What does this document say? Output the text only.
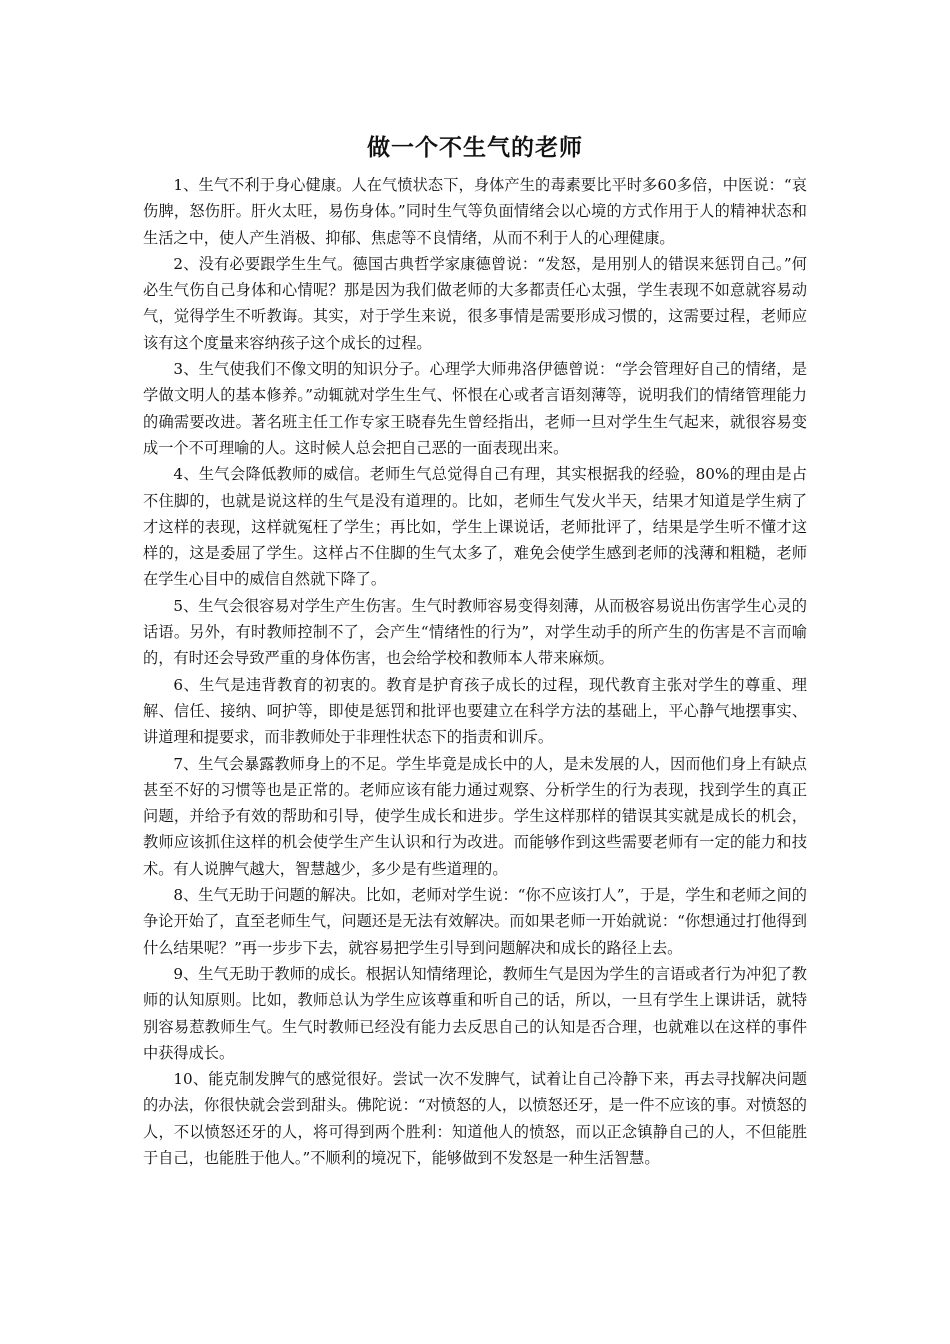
做一个不生气的老师

1、生气不利于身心健康。人在气愤状态下，身体产生的毒素要比平时多60多倍，中医说：“哀伤脾，怒伤肝。肝火太旺，易伤身体。”同时生气等负面情绪会以心境的方式作用于人的精神状态和生活之中，使人产生消极、抑郁、焦虑等不良情绪，从而不利于人的心理健康。

2、没有必要跟学生生气。德国古典哲学家康德曾说：“发怒，是用别人的错误来惩罚自己。”何必生气伤自己身体和心情呢？那是因为我们做老师的大多都责任心太强，学生表现不如意就容易动气，觉得学生不听教诲。其实，对于学生来说，很多事情是需要形成习惯的，这需要过程，老师应该有这个度量来容纳孩子这个成长的过程。

3、生气使我们不像文明的知识分子。心理学大师弗洛伊德曾说：“学会管理好自己的情绪，是学做文明人的基本修养。”动辄就对学生生气、怀恨在心或者言语刻薄等，说明我们的情绪管理能力的确需要改进。著名班主任工作专家王晓春先生曾经指出，老师一旦对学生生气起来，就很容易变成一个不可理喻的人。这时候人总会把自己恶的一面表现出来。

4、生气会降低教师的威信。老师生气总觉得自己有理，其实根据我的经验，80%的理由是占不住脚的，也就是说这样的生气是没有道理的。比如，老师生气发火半天，结果才知道是学生病了才这样的表现，这样就冤枉了学生；再比如，学生上课说话，老师批评了，结果是学生听不懂才这样的，这是委屈了学生。这样占不住脚的生气太多了，难免会使学生感到老师的浅薄和粗糙，老师在学生心目中的威信自然就下降了。

5、生气会很容易对学生产生伤害。生气时教师容易变得刻薄，从而极容易说出伤害学生心灵的话语。另外，有时教师控制不了，会产生“情绪性的行为”，对学生动手的所产生的伤害是不言而喻的，有时还会导致严重的身体伤害，也会给学校和教师本人带来麻烦。

6、生气是违背教育的初衷的。教育是护育孩子成长的过程，现代教育主张对学生的尊重、理解、信任、接纳、呵护等，即使是惩罚和批评也要建立在科学方法的基础上，平心静气地摆事实、讲道理和提要求，而非教师处于非理性状态下的指责和训斥。

7、生气会暴露教师身上的不足。学生毕竟是成长中的人，是未发展的人，因而他们身上有缺点甚至不好的习惯等也是正常的。老师应该有能力通过观察、分析学生的行为表现，找到学生的真正问题，并给予有效的帮助和引导，使学生成长和进步。学生这样那样的错误其实就是成长的机会，教师应该抓住这样的机会使学生产生认识和行为改进。而能够作到这些需要老师有一定的能力和技术。有人说脾气越大，智慧越少，多少是有些道理的。

8、生气无助于问题的解决。比如，老师对学生说：“你不应该打人”，于是，学生和老师之间的争论开始了，直至老师生气，问题还是无法有效解决。而如果老师一开始就说：“你想通过打他得到什么结果呢？”再一步步下去，就容易把学生引导到问题解决和成长的路径上去。

9、生气无助于教师的成长。根据认知情绪理论，教师生气是因为学生的言语或者行为冲犯了教师的认知原则。比如，教师总认为学生应该尊重和听自己的话，所以，一旦有学生上课讲话，就特别容易惹教师生气。生气时教师已经没有能力去反思自己的认知是否合理，也就难以在这样的事件中获得成长。

10、能克制发脾气的感觉很好。尝试一次不发脾气，试着让自己冷静下来，再去寻找解决问题的办法，你很快就会尝到甜头。佛陀说：“对愤怒的人，以愤怒还牙，是一件不应该的事。对愤怒的人，不以愤怒还牙的人，将可得到两个胜利：知道他人的愤怒，而以正念镇静自己的人，不但能胜于自己，也能胜于他人。”不顺利的境况下，能够做到不发怒是一种生活智慧。
